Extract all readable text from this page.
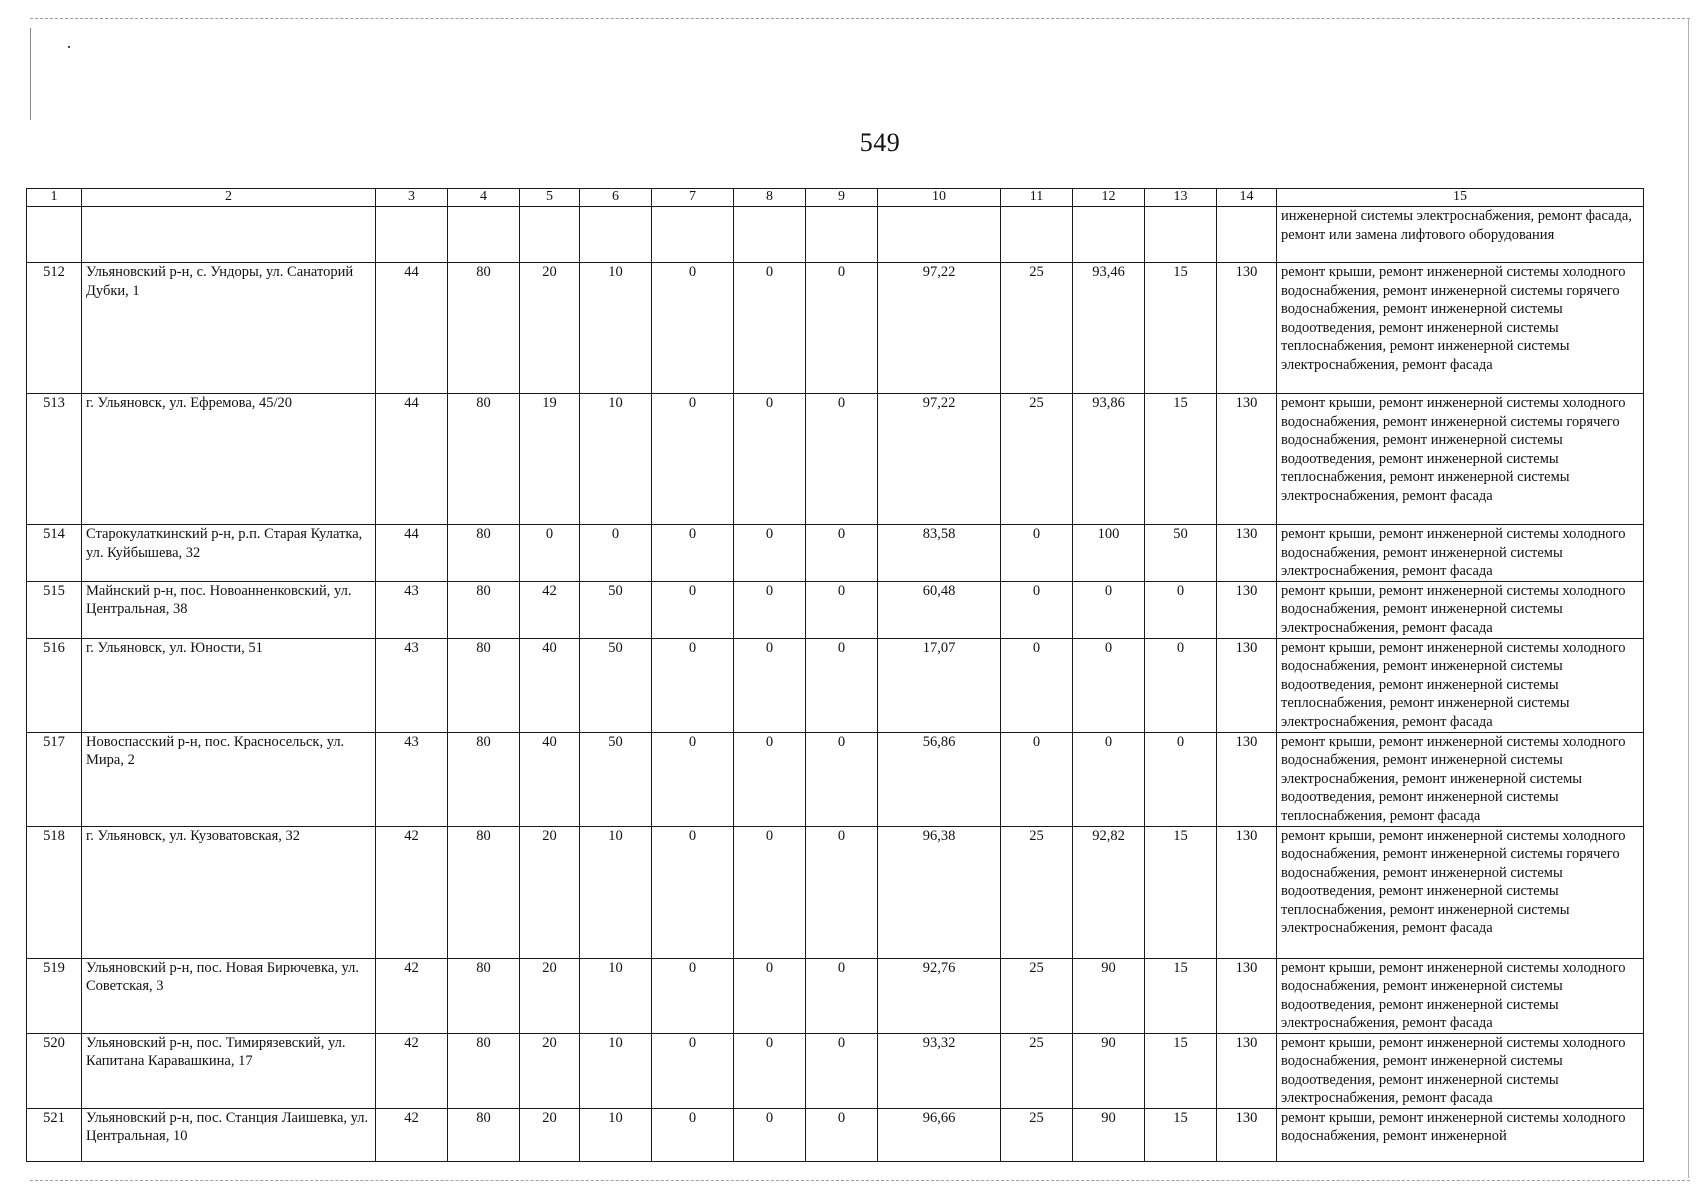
549
1	2	3	4	5	6	7	8	9	10	11	12	13	14	15
														инженерной системы электроснабжения, ремонт фасада, ремонт или замена лифтового оборудования
512	Ульяновский р-н, с. Ундоры, ул. Санаторий Дубки, 1	44	80	20	10	0	0	0	97,22	25	93,46	15	130	ремонт крыши, ремонт инженерной системы холодного водоснабжения, ремонт инженерной системы горячего водоснабжения, ремонт инженерной системы водоотведения, ремонт инженерной системы теплоснабжения, ремонт инженерной системы электроснабжения, ремонт фасада
513	г. Ульяновск, ул. Ефремова, 45/20	44	80	19	10	0	0	0	97,22	25	93,86	15	130	ремонт крыши, ремонт инженерной системы холодного водоснабжения, ремонт инженерной системы горячего водоснабжения, ремонт инженерной системы водоотведения, ремонт инженерной системы теплоснабжения, ремонт инженерной системы электроснабжения, ремонт фасада
514	Старокулаткинский р-н, р.п. Старая Кулатка, ул. Куйбышева, 32	44	80	0	0	0	0	0	83,58	0	100	50	130	ремонт крыши, ремонт инженерной системы холодного водоснабжения, ремонт инженерной системы электроснабжения, ремонт фасада
515	Майнский р-н, пос. Новоанненковский, ул. Центральная, 38	43	80	42	50	0	0	0	60,48	0	0	0	130	ремонт крыши, ремонт инженерной системы холодного водоснабжения, ремонт инженерной системы электроснабжения, ремонт фасада
516	г. Ульяновск, ул. Юности, 51	43	80	40	50	0	0	0	17,07	0	0	0	130	ремонт крыши, ремонт инженерной системы холодного водоснабжения, ремонт инженерной системы водоотведения, ремонт инженерной системы теплоснабжения, ремонт инженерной системы электроснабжения, ремонт фасада
517	Новоспасский р-н, пос. Красносельск, ул. Мира, 2	43	80	40	50	0	0	0	56,86	0	0	0	130	ремонт крыши, ремонт инженерной системы холодного водоснабжения, ремонт инженерной системы электроснабжения, ремонт инженерной системы водоотведения, ремонт инженерной системы теплоснабжения, ремонт фасада
518	г. Ульяновск, ул. Кузоватовская, 32	42	80	20	10	0	0	0	96,38	25	92,82	15	130	ремонт крыши, ремонт инженерной системы холодного водоснабжения, ремонт инженерной системы горячего водоснабжения, ремонт инженерной системы водоотведения, ремонт инженерной системы теплоснабжения, ремонт инженерной системы электроснабжения, ремонт фасада
519	Ульяновский р-н, пос. Новая Бирючевка, ул. Советская, 3	42	80	20	10	0	0	0	92,76	25	90	15	130	ремонт крыши, ремонт инженерной системы холодного водоснабжения, ремонт инженерной системы водоотведения, ремонт инженерной системы электроснабжения, ремонт фасада
520	Ульяновский р-н, пос. Тимирязевский, ул. Капитана Каравашкина, 17	42	80	20	10	0	0	0	93,32	25	90	15	130	ремонт крыши, ремонт инженерной системы холодного водоснабжения, ремонт инженерной системы водоотведения, ремонт инженерной системы электроснабжения, ремонт фасада
521	Ульяновский р-н, пос. Станция Лаишевка, ул. Центральная, 10	42	80	20	10	0	0	0	96,66	25	90	15	130	ремонт крыши, ремонт инженерной системы холодного водоснабжения, ремонт инженерной
